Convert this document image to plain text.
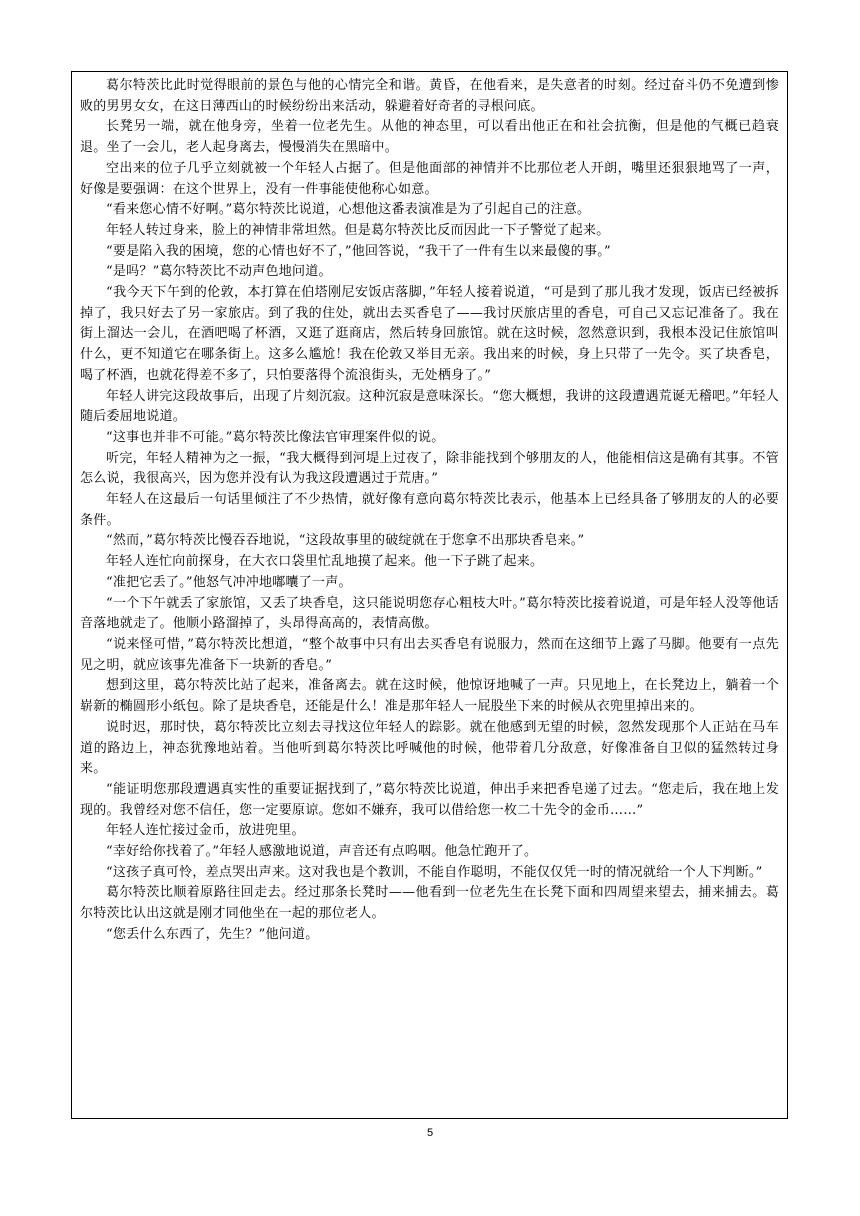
葛尔特茨比此时觉得眼前的景色与他的心情完全和谐。黄昏，在他看来，是失意者的时刻。经过奋斗仍不免遭到惨败的男男女女，在这日薄西山的时候纷纷出来活动，躲避着好奇者的寻根问底。

长凳另一端，就在他身旁，坐着一位老先生。从他的神态里，可以看出他正在和社会抗衡，但是他的气概已趋衰退。坐了一会儿，老人起身离去，慢慢消失在黑暗中。

空出来的位子几乎立刻就被一个年轻人占据了。但是他面部的神情并不比那位老人开朗，嘴里还狠狠地骂了一声，好像是要强调：在这个世界上，没有一件事能使他称心如意。

“看来您心情不好啊。”葛尔特茨比说道，心想他这番表演准是为了引起自己的注意。

年轻人转过身来，脸上的神情非常坦然。但是葛尔特茨比反而因此一下子警觉了起来。

“要是陷入我的困境，您的心情也好不了，”他回答说，“我干了一件有生以来最傻的事。”

“是吗？”葛尔特茨比不动声色地问道。

“我今天下午到的伦敦，本打算在伯塔刚尼安饭店落脚，”年轻人接着说道，“可是到了那儿我才发现，饭店已经被拆掉了，我只好去了另一家旅店。到了我的住处，就出去买香皂了——我讨厌旅店里的香皂，可自己又忘记准备了。我在街上溜达一会儿，在酒吧喝了杯酒，又逛了逛商店，然后转身回旅馆。就在这时候，忽然意识到，我根本没记住旅馆叫什么，更不知道它在哪条街上。这多么尴尬！我在伦敦又举目无亲。我出来的时候，身上只带了一先令。买了块香皂，喝了杯酒，也就花得差不多了，只怕要落得个流浪街头，无处栖身了。”

年轻人讲完这段故事后，出现了片刻沉寂。这种沉寂是意味深长。“您大概想，我讲的这段遭遇荒诞无稽吧。”年轻人随后委屈地说道。

“这事也并非不可能。”葛尔特茨比像法官审理案件似的说。

听完，年轻人精神为之一振，“我大概得到河堤上过夜了，除非能找到个够朋友的人，他能相信这是确有其事。不管怎么说，我很高兴，因为您并没有认为我这段遭遇过于荒唐。”

年轻人在这最后一句话里倾注了不少热情，就好像有意向葛尔特茨比表示，他基本上已经具备了够朋友的人的必要条件。

“然而，”葛尔特茨比慢吞吞地说，“这段故事里的破绽就在于您拿不出那块香皂来。”

年轻人连忙向前探身，在大衣口袋里忙乱地摸了起来。他一下子跳了起来。

“准把它丢了。”他怒气冲冲地嘟囔了一声。

“一个下午就丢了家旅馆，又丢了块香皂，这只能说明您存心粗枝大叶。”葛尔特茨比接着说道，可是年轻人没等他话音落地就走了。他顺小路溜掉了，头昂得高高的，表情高傲。

“说来怪可惜，”葛尔特茨比想道，“整个故事中只有出去买香皂有说服力，然而在这细节上露了马脚。他要有一点先见之明，就应该事先准备下一块新的香皂。”

想到这里，葛尔特茨比站了起来，准备离去。就在这时候，他惊讶地喊了一声。只见地上，在长凳边上，躺着一个崭新的椭圆形小纸包。除了是块香皂，还能是什么！准是那年轻人一屁股坐下来的时候从衣兜里掉出来的。

说时迟，那时快，葛尔特茨比立刻去寻找这位年轻人的踪影。就在他感到无望的时候，忽然发现那个人正站在马车道的路边上，神态犹豫地站着。当他听到葛尔特茨比呼喊他的时候，他带着几分敌意，好像准备自卫似的猛然转过身来。

“能证明您那段遭遇真实性的重要证据找到了，”葛尔特茨比说道，伸出手来把香皂递了过去。“您走后，我在地上发现的。我曾经对您不信任，您一定要原谅。您如不嫌弃，我可以借给您一枚二十先令的金币……”

年轻人连忙接过金币，放进兜里。

“幸好给你找着了。”年轻人感激地说道，声音还有点呜咽。他急忙跑开了。

“这孩子真可怜，差点哭出声来。这对我也是个教训，不能自作聪明，不能仅仅凭一时的情况就给一个人下判断。”

葛尔特茨比顺着原路往回走去。经过那条长凳时——他看到一位老先生在长凳下面和四周望来望去，捕来捕去。葛尔特茨比认出这就是刚才同他坐在一起的那位老人。

“您丢什么东西了，先生？”他问道。

5
